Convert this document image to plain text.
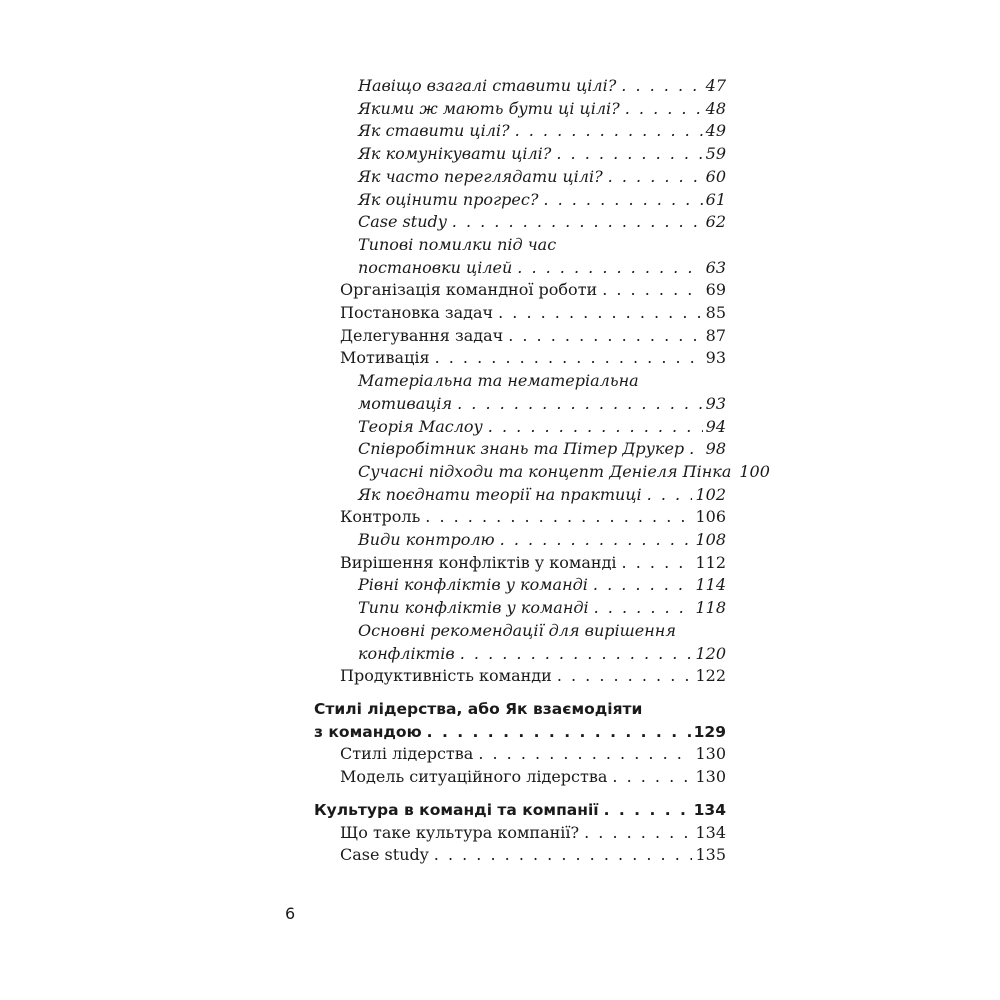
Навіщо взагалі ставити цілі? . . .	47
Якими ж мають бути ці цілі? . . .	48
Як ставити цілі? . . .	49
Як комунікувати цілі? . . .	59
Як часто переглядати цілі? . . .	60
Як оцінити прогрес? . . .	61
Case study . . .	62
Типові помилки під час
постановки цілей . . .	63
Організація командної роботи . . .	69
Постановка задач . . .	85
Делегування задач . . .	87
Мотивація . . .	93
Матеріальна та нематеріальна
мотивація . . .	93
Теорія Маслоу . . .	94
Співробітник знань та Пітер Друкер . . . 98
Сучасні підходи та концепт Деніеля Пінка 100
Як поєднати теорії на практиці . . .	102
Контроль . . .	106
Види контролю . . .	108
Вирішення конфліктів у команді . . .	112
Рівні конфліктів у команді . . .	114
Типи конфліктів у команді . . .	118
Основні рекомендації для вирішення
конфліктів . . .	120
Продуктивність команди . . .	122
Стилі лідерства, або Як взаємодіяти
з командою . . .	129
Стилі лідерства . . .	130
Модель ситуаційного лідерства . . .	130
Культура в команді та компанії . . .	134
Що таке культура компанії? . . .	134
Case study . . .	135
6
